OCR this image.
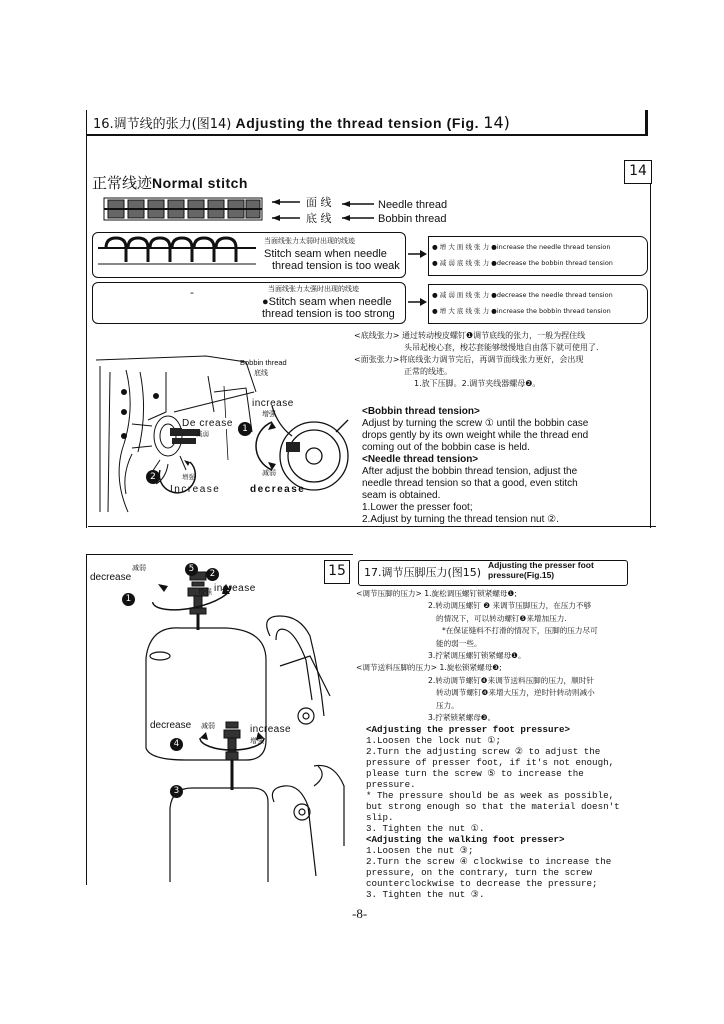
16.调节线的张力(图14) Adjusting the thread tension (Fig. 14)
14
正常线迹Normal stitch
面 线
底 线
Needle thread
Bobbin thread
当面线张力太弱时出现的线迹
Stitch seam when needle
thread tension is too weak
● 增 大 面 线 张 力 ●increase the needle thread tension
● 减 弱 底 线 张 力 ●decrease the bobbin thread tension
-	当面线张力太强时出现的线迹
●Stitch seam when needle
thread tension is too strong
● 减 弱 面 线 张 力 ●decrease the needle thread tension
● 增 大 底 线 张 力 ●increase the bobbin thread tension
<底线张力> 通过转动梭皮螺钉❶调节底线的张力，一般为捏住线
头吊起梭心套，梭芯套能够缓慢地自由落下就可使用了.
<面张张力>将底线张力调节完后，再调节面线张力更好，会出现
正常的线迹。
1.放下压脚。2.调节夹线器螺母❷。
Bobbin thread
底线
increase
增强
De crease
减弱
增强
Increase
减弱
decrease
1
2
<Bobbin thread tension>
Adjust by turning the screw ① until the bobbin case
drops gently by its own weight while the thread end
coming out of the bobbin case is held.
<Needle thread tension>
After adjust the bobbin thread tension, adjust the
needle thread tension so that a good, even stitch
seam is obtained.
1.Lower the presser foot;
2.Adjust by turning the thread tension nut ②.
15	17.调节压脚压力(图15)
Adjusting the presser foot
pressure(Fig.15)
decrease
减弱
增强 increase
decrease 减弱	increase
增强
1
2
3
4
5
<调节压脚的压力> 1.旋松调压螺钉锁紧螺母❶;
2.转动调压螺钉 ❷ 来调节压脚压力，在压力不够
的情况下，可以转动螺钉❺来增加压力.
*在保证缝料不打滑的情况下，压脚的压力尽可
能的弱一些。
3.拧紧调压螺钉锁紧螺母❶。
<调节送料压脚的压力> 1.旋松锁紧螺母❸;
2.转动调节螺钉❹来调节送料压脚的压力，顺时针
转动调节螺钉❹来增大压力，逆时针转动则减小
压力。
3.拧紧锁紧螺母❸。
<Adjusting the presser foot pressure>
1.Loosen the lock nut ①;
2.Turn the adjusting screw ② to adjust the
pressure of presser foot, if it's not enough,
please turn the screw ⑤ to increase the
pressure.
* The pressure should be as week as possible,
but strong enough so that the material doesn't
slip.
3. Tighten the nut ①.
<Adjusting the walking foot presser>
1.Loosen the nut ③;
2.Turn the screw ④ clockwise to increase the
pressure, on the contrary, turn the screw
counterclockwise to decrease the pressure;
3. Tighten the nut ③.
-8-
